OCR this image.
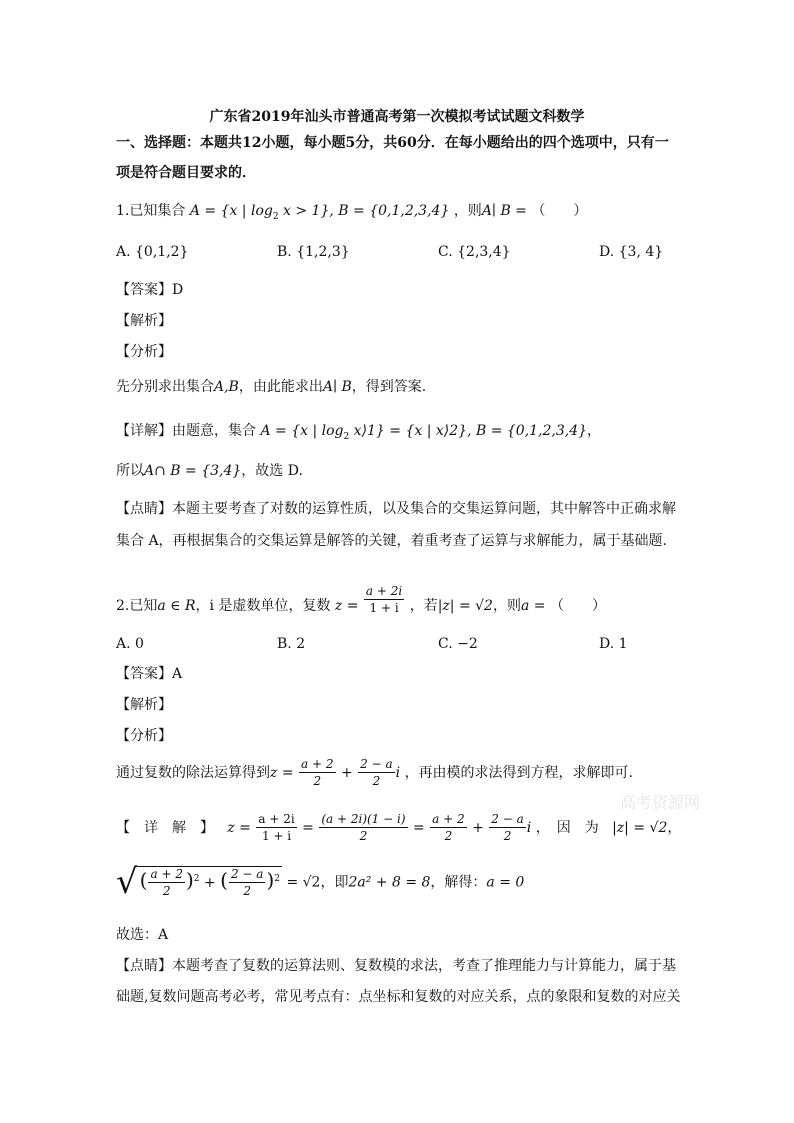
广东省2019年汕头市普通高考第一次模拟考试试题文科数学
一、选择题：本题共12小题，每小题5分，共60分．在每小题给出的四个选项中，只有一
项是符合题目要求的．
1.已知集合 A = {x | $\log_2 x > 1$}, B = {0,1,2,3,4} ，则A∣ B = （　　）
A. {0,1,2}	B. {1,2,3}	C. {2,3,4}	D. {3, 4}
【答案】D
【解析】
【分析】
先分别求出集合A,B，由此能求出A∣ B，得到答案.
【详解】由题意，集合 A = {x | $\log_2$ x⟩1} = {x | x⟩2}, B = {0,1,2,3,4}，
所以A∩ B = {3,4}，故选 D.
【点睛】本题主要考查了对数的运算性质，以及集合的交集运算问题，其中解答中正确求解
集合 A，再根据集合的交集运算是解答的关键，着重考查了运算与求解能力，属于基础题.
2.已知a ∈ R，i 是虚数单位，复数 $z = \frac{a + 2i}{1 + i}$ ，若|z| = √2，则a = （　　）
A. 0	B. 2	C. −2	D. 1
【答案】A
【解析】
【分析】
通过复数的除法运算得到$z = \frac{a + 2}{2} + \frac{2 - a}{2}$ i ，再由模的求法得到方程，求解即可.
【　详　解　】 $z = \frac{a + 2i}{1 + i} = \frac{(a + 2i)(1 - i)}{2} = \frac{a + 2}{2} + \frac{2 - a}{2}$ i ，　因　为 |z| = √2，
√ ( $\frac{a + 2}{2} )^2$ + ( $\frac{2 - a}{2} )^2 = √2$，即2a² + 8 = 8，解得：a = 0
故选：A
【点睛】本题考查了复数的运算法则、复数模的求法，考查了推理能力与计算能力，属于基
础题,复数问题高考必考，常见考点有：点坐标和复数的对应关系，点的象限和复数的对应关
高考资源网
